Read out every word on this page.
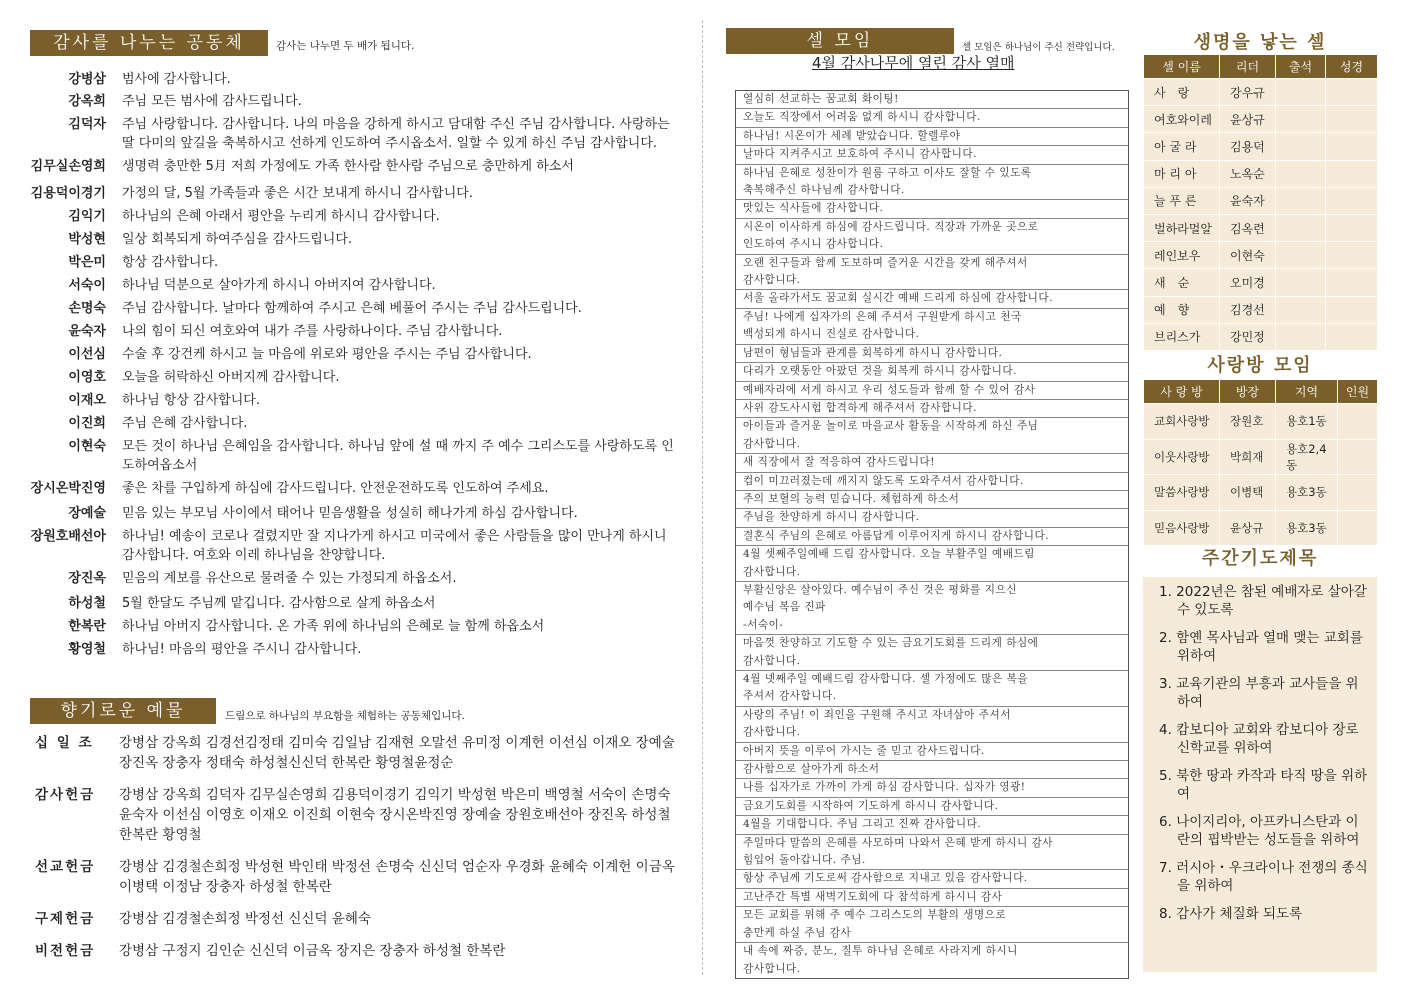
감사를 나누는 공동체	감사는 나누면 두 배가 됩니다.
강병삼	범사에 감사합니다.
강옥희	주님 모든 범사에 감사드립니다.
김덕자	주님 사랑합니다. 감사합니다. 나의 마음을 강하게 하시고 담대함 주신 주님 감사합니다. 사랑하는 딸 다미의 앞길을 축복하시고 선하게 인도하여 주시옵소서. 일할 수 있게 하신 주님 감사합니다.
김무실손영희	생명력 충만한 5月 저희 가정에도 가족 한사람 한사람 주님으로 충만하게 하소서
김용덕이경기	가정의 달, 5월 가족들과 좋은 시간 보내게 하시니 감사합니다.
김익기	하나님의 은혜 아래서 평안을 누리게 하시니 감사합니다.
박성현	일상 회복되게 하여주심을 감사드립니다.
박은미	항상 감사합니다.
서숙이	하나님 덕분으로 살아가게 하시니 아버지여 감사합니다.
손명숙	주님 감사합니다. 날마다 함께하여 주시고 은혜 베풀어 주시는 주님 감사드립니다.
윤숙자	나의 힘이 되신 여호와여 내가 주를 사랑하나이다. 주님 감사합니다.
이선심	수술 후 강건케 하시고 늘 마음에 위로와 평안을 주시는 주님 감사합니다.
이영호	오늘을 허락하신 아버지께 감사합니다.
이재오	하나님 항상 감사합니다.
이진희	주님 은혜 감사합니다.
이현숙	모든 것이 하나님 은혜임을 감사합니다. 하나님 앞에 설 때 까지 주 예수 그리스도를 사랑하도록 인도하여옵소서
장시온박진영	좋은 차를 구입하게 하심에 감사드립니다. 안전운전하도록 인도하여 주세요.
장예술	믿음 있는 부모님 사이에서 태어나 믿음생활을 성실히 해나가게 하심 감사합니다.
장원호배선아	하나님! 예송이 코로나 걸렸지만 잘 지나가게 하시고 미국에서 좋은 사람들을 많이 만나게 하시니 감사합니다. 여호와 이레 하나님을 찬양합니다.
장진옥	믿음의 계보를 유산으로 물려줄 수 있는 가정되게 하옵소서.
하성철	5월 한달도 주님께 맡깁니다. 감사함으로 살게 하옵소서
한복란	하나님 아버지 감사합니다. 온 가족 위에 하나님의 은혜로 늘 함께 하옵소서
황영철	하나님! 마음의 평안을 주시니 감사합니다.
향기로운 예물	드림으로 하나님의 부요함을 체험하는 공동체입니다.
십 일 조	강병삼 강옥희 김경선김정태 김미숙 김일남 김재현 오말선 유미정 이계헌 이선심 이재오 장예술 장진옥 장충자 정태숙 하성철신신덕 한복란 황영철윤정순
감사헌금	강병삼 강옥희 김덕자 김무실손영희 김용덕이경기 김익기 박성현 박은미 백영철 서숙이 손명숙 윤숙자 이선심 이영호 이재오 이진희 이현숙 장시온박진영 장예술 장원호배선아 장진옥 하성철 한복란 황영철
선교헌금	강병삼 김경철손희정 박성현 박인태 박정선 손명숙 신신덕 엄순자 우경화 윤혜숙 이계헌 이금옥 이병택 이정남 장충자 하성철 한복란
구제헌금	강병삼 김경철손희정 박정선 신신덕 윤혜숙
비전헌금	강병삼 구정지 김인순 신신덕 이금옥 장지은 장충자 하성철 한복란
셀 모임	셀 모임은 하나님이 주신 전략입니다.
4월 감사나무에 열린 감사 열매
열심히 선교하는 꿈교회 화이팅!
오늘도 직장에서 어려움 없게 하시니 감사합니다.
하나님! 시온이가 세례 받았습니다. 할렐루야
날마다 지켜주시고 보호하여 주시니 감사합니다.
하나님 은혜로 성찬이가 원룸 구하고 이사도 잘할 수 있도록
축복해주신 하나님께 감사합니다.
맛있는 식사들에 감사합니다.
시온이 이사하게 하심에 감사드립니다. 직장과 가까운 곳으로
인도하여 주시니 감사합니다.
오랜 친구들과 함께 도보하며 즐거운 시간을 갖게 해주셔서
감사합니다.
서울 올라가서도 꿈교회 실시간 예배 드리게 하심에 감사합니다.
주님! 나에게 십자가의 은혜 주셔서 구원받게 하시고 천국
백성되게 하시니 진실로 감사합니다.
남편이 형님들과 관계를 회복하게 하시니 감사합니다.
다리가 오랫동안 아팠던 것을 회복케 하시니 감사합니다.
예배자리에 서게 하시고 우리 성도들과 함께 할 수 있어 감사
사위 감도사시험 합격하게 해주셔서 감사합니다.
아이들과 즐거운 놀이로 마을교사 활동을 시작하게 하신 주님
감사합니다.
새 직장에서 잘 적응하여 감사드립니다!
컵이 미끄러졌는데 깨지지 않도록 도와주셔서 감사합니다.
주의 보혈의 능력 믿습니다. 체험하게 하소서
주님을 찬양하게 하시니 감사합니다.
결혼식 주님의 은혜로 아름답게 이루어지게 하시니 감사합니다.
4월 셋째주일예배 드림 감사합니다. 오늘 부활주일 예배드림
감사합니다.
부활신앙은 살아있다. 예수님이 주신 것은 평화를 지으신
예수님 복음 진파
-서숙이-
마음껏 찬양하고 기도할 수 있는 금요기도회를 드리게 하심에
감사합니다.
4월 넷째주일 예배드림 감사합니다. 셀 가정에도 많은 복을
주셔서 감사합니다.
사랑의 주님! 이 죄인을 구원해 주시고 자녀삼아 주셔서
감사합니다.
아버지 뜻을 이루어 가시는 줄 믿고 감사드립니다.
감사함으로 살아가게 하소서
나를 십자가로 가까이 가게 하심 감사합니다. 십자가 영광!
금요기도회를 시작하여 기도하게 하시니 감사합니다.
4월을 기대합니다. 주님 그리고 진짜 감사합니다.
주일마다 말씀의 은혜를 사모하며 나와서 은혜 받게 하시니 감사
힘입어 돌아갑니다. 주님.
항상 주님께 기도로써 감사함으로 지내고 있음 감사합니다.
고난주간 특별 새벽기도회에 다 참석하게 하시니 감사
모든 교회를 위해 주 예수 그리스도의 부활의 생명으로
충만케 하실 주님 감사
내 속에 짜증, 분노, 질투 하나님 은혜로 사라지게 하시니
감사합니다.
생명을 낳는 셀
셀 이름	리더	출석	성경
사　랑	강우규		
여호와이레	윤상규		
아 굴 라	김용덕		
마 리 아	노옥순		
늘 푸 른	윤숙자		
벌하라멀알	김옥련		
레인보우	이현숙		
새　순	오미경		
예　향	김경선		
브리스가	강민정		
사랑방 모임
사 랑 방	방장	지역	인원
교회사랑방	장원호	용호1동	
이웃사랑방	박희재	용호2,4동	
말씀사랑방	이병택	용호3동	
믿음사랑방	윤상규	용호3동	
주간기도제목
1. 2022년은 참된 예배자로 살아갈 수 있도록
2. 함옌 목사님과 열매 맺는 교회를 위하여
3. 교육기관의 부흥과 교사들을 위하여
4. 캄보디아 교회와 캄보디아 장로신학교를 위하여
5. 북한 땅과 카작과 타직 땅을 위하여
6. 나이지리아, 아프카니스탄과 이란의 핍박받는 성도들을 위하여
7. 러시아・우크라이나 전쟁의 종식을 위하여
8. 감사가 체질화 되도록
